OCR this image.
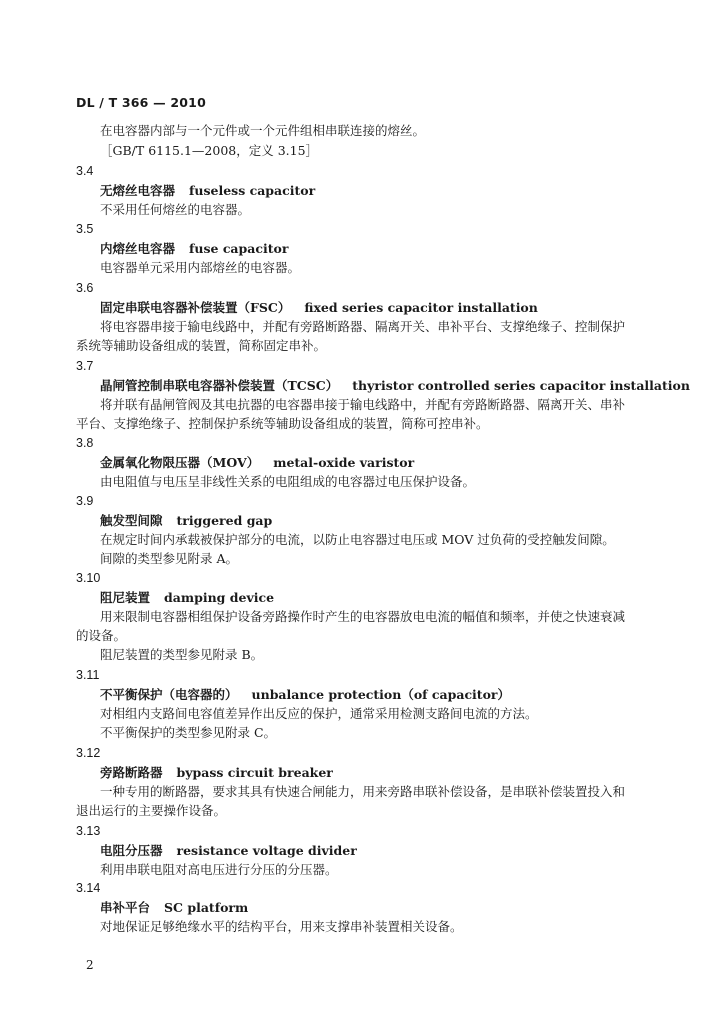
DL / T 366 — 2010
在电容器内部与一个元件或一个元件组相串联连接的熔丝。
［GB/T 6115.1—2008，定义 3.15］
3.4
无熔丝电容器 fuseless capacitor
不采用任何熔丝的电容器。
3.5
内熔丝电容器 fuse capacitor
电容器单元采用内部熔丝的电容器。
3.6
固定串联电容器补偿装置（FSC） fixed series capacitor installation
将电容器串接于输电线路中，并配有旁路断路器、隔离开关、串补平台、支撑绝缘子、控制保护
系统等辅助设备组成的装置，简称固定串补。
3.7
晶闸管控制串联电容器补偿装置（TCSC） thyristor controlled series capacitor installation
将并联有晶闸管阀及其电抗器的电容器串接于输电线路中，并配有旁路断路器、隔离开关、串补
平台、支撑绝缘子、控制保护系统等辅助设备组成的装置，简称可控串补。
3.8
金属氧化物限压器（MOV） metal-oxide varistor
由电阻值与电压呈非线性关系的电阻组成的电容器过电压保护设备。
3.9
触发型间隙 triggered gap
在规定时间内承载被保护部分的电流，以防止电容器过电压或 MOV 过负荷的受控触发间隙。
间隙的类型参见附录 A。
3.10
阻尼装置 damping device
用来限制电容器相组保护设备旁路操作时产生的电容器放电电流的幅值和频率，并使之快速衰减
的设备。
阻尼装置的类型参见附录 B。
3.11
不平衡保护（电容器的） unbalance protection（of capacitor）
对相组内支路间电容值差异作出反应的保护，通常采用检测支路间电流的方法。
不平衡保护的类型参见附录 C。
3.12
旁路断路器 bypass circuit breaker
一种专用的断路器，要求其具有快速合闸能力，用来旁路串联补偿设备，是串联补偿装置投入和
退出运行的主要操作设备。
3.13
电阻分压器 resistance voltage divider
利用串联电阻对高电压进行分压的分压器。
3.14
串补平台 SC platform
对地保证足够绝缘水平的结构平台，用来支撑串补装置相关设备。
2
